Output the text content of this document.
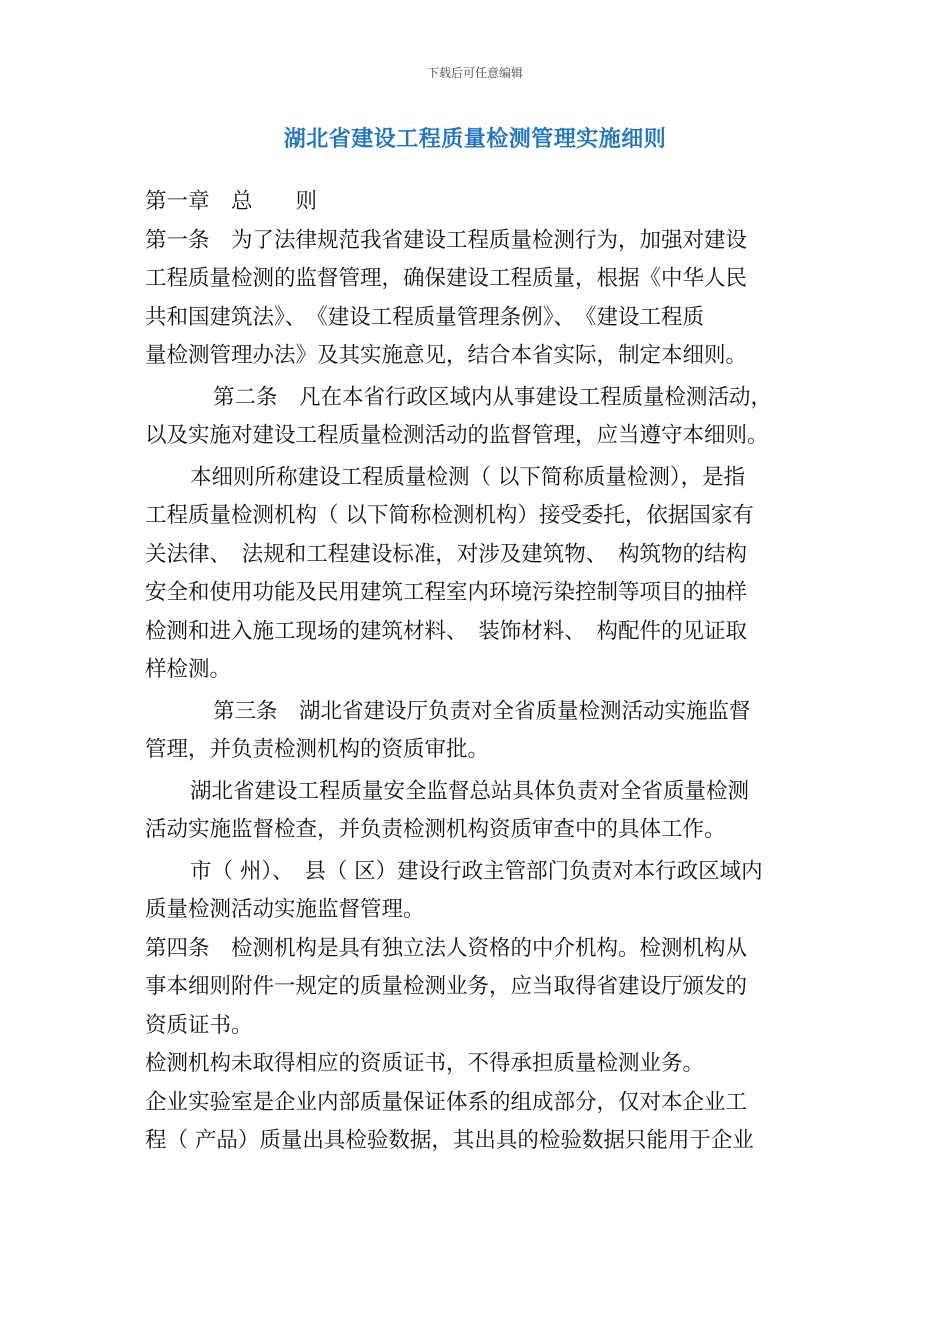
下载后可任意编辑
湖北省建设工程质量检测管理实施细则

第一章　总　　则

第一条　为了法律规范我省建设工程质量检测行为，加强对建设

工程质量检测的监督管理，确保建设工程质量，根据《中华人民

共和国建筑法》、　《建设工程质量管理条例》、　《建设工程质

量检测管理办法》及其实施意见，结合本省实际，制定本细则。

第二条　凡在本省行政区域内从事建设工程质量检测活动，

以及实施对建设工程质量检测活动的监督管理，应当遵守本细则。

本细则所称建设工程质量检测（ 以下简称质量检测），是指

工程质量检测机构（ 以下简称检测机构）接受委托，依据国家有

关法律、　法规和工程建设标准，对涉及建筑物、　构筑物的结构

安全和使用功能及民用建筑工程室内环境污染控制等项目的抽样

检测和进入施工现场的建筑材料、　装饰材料、　构配件的见证取

样检测。

第三条　湖北省建设厅负责对全省质量检测活动实施监督

管理，并负责检测机构的资质审批。

湖北省建设工程质量安全监督总站具体负责对全省质量检测

活动实施监督检查，并负责检测机构资质审查中的具体工作。

市（ 州）、　县（ 区）建设行政主管部门负责对本行政区域内

质量检测活动实施监督管理。

第四条　检测机构是具有独立法人资格的中介机构。检测机构从

事本细则附件一规定的质量检测业务，应当取得省建设厅颁发的

资质证书。

检测机构未取得相应的资质证书，不得承担质量检测业务。

企业实验室是企业内部质量保证体系的组成部分，仅对本企业工

程（ 产品）质量出具检验数据，其出具的检验数据只能用于企业
